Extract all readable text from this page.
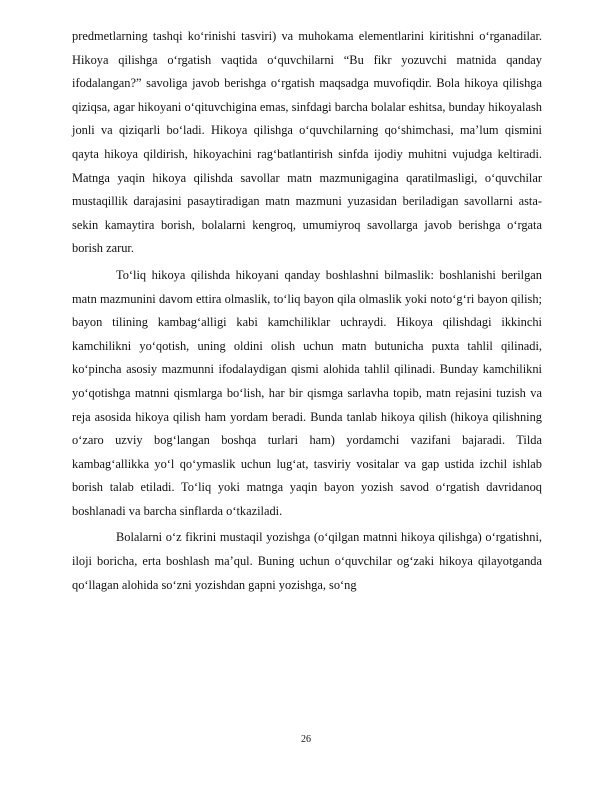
predmetlarning tashqi koʻrinishi tasviri) va muhokama elementlarini kiritishni oʻrganadilar. Hikoya qilishga oʻrgatish vaqtida oʻquvchilarni “Bu fikr yozuvchi matnida qanday ifodalangan?” savoliga javob berishga oʻrgatish maqsadga muvofiqdir. Bola hikoya qilishga qiziqsa, agar hikoyani oʻqituvchigina emas, sinfdagi barcha bolalar eshitsa, bunday hikoyalash jonli va qiziqarli boʻladi. Hikoya qilishga oʻquvchilarning qoʻshimchasi, maʼlum qismini qayta hikoya qildirish, hikoyachini ragʻbatlantirish sinfda ijodiy muhitni vujudga keltiradi. Matnga yaqin hikoya qilishda savollar matn mazmunigagina qaratilmasligi, oʻquvchilar mustaqillik darajasini pasaytiradigan matn mazmuni yuzasidan beriladigan savollarni asta-sekin kamaytira borish, bolalarni kengroq, umumiyroq savollarga javob berishga oʻrgata borish zarur.

Toʻliq hikoya qilishda hikoyani qanday boshlashni bilmaslik: boshlanishi berilgan matn mazmunini davom ettira olmaslik, toʻliq bayon qila olmaslik yoki notoʻgʻri bayon qilish; bayon tilining kambagʻalligi kabi kamchiliklar uchraydi. Hikoya qilishdagi ikkinchi kamchilikni yoʻqotish, uning oldini olish uchun matn butunicha puxta tahlil qilinadi, koʻpincha asosiy mazmunni ifodalaydigan qismi alohida tahlil qilinadi. Bunday kamchilikni yoʻqotishga matnni qismlarga boʻlish, har bir qismga sarlavha topib, matn rejasini tuzish va reja asosida hikoya qilish ham yordam beradi. Bunda tanlab hikoya qilish (hikoya qilishning oʻzaro uzviy bogʻlangan boshqa turlari ham) yordamchi vazifani bajaradi. Tilda kambagʻallikka yoʻl qoʻymaslik uchun lugʻat, tasviriy vositalar va gap ustida izchil ishlab borish talab etiladi. Toʻliq yoki matnga yaqin bayon yozish savod oʻrgatish davridanoq boshlanadi va barcha sinflarda oʻtkaziladi.

Bolalarni oʻz fikrini mustaqil yozishga (oʻqilgan matnni hikoya qilishga) oʻrgatishni, iloji boricha, erta boshlash maʼqul. Buning uchun oʻquvchilar ogʻzaki hikoya qilayotganda qoʻllagan alohida soʻzni yozishdan gapni yozishga, soʻng

26
